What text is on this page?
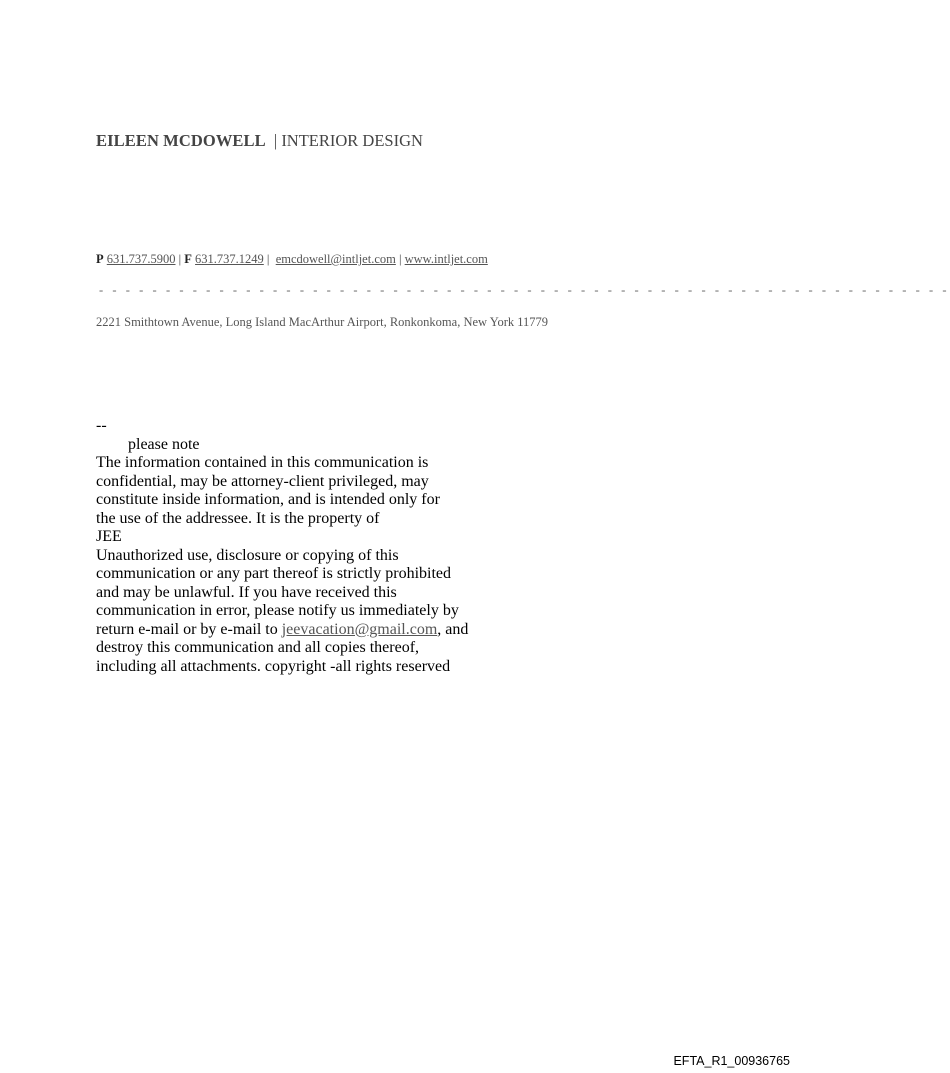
EILEEN MCDOWELL | INTERIOR DESIGN
P 631.737.5900 | F 631.737.1249 | emcdowell@intljet.com | www.intljet.com
- - - - - - - - - - - - - - - - - - - - - - - - - - - - - - - - - - - - - - - - - - - - - - - - - - - - - - - - - - - - - - - -
2221 Smithtown Avenue, Long Island MacArthur Airport, Ronkonkoma, New York 11779
--
please note
The information contained in this communication is
confidential, may be attorney-client privileged, may
constitute inside information, and is intended only for
the use of the addressee. It is the property of
JEE
Unauthorized use, disclosure or copying of this
communication or any part thereof is strictly prohibited
and may be unlawful. If you have received this
communication in error, please notify us immediately by
return e-mail or by e-mail to jeevacation@gmail.com, and
destroy this communication and all copies thereof,
including all attachments. copyright -all rights reserved
EFTA_R1_00936765
